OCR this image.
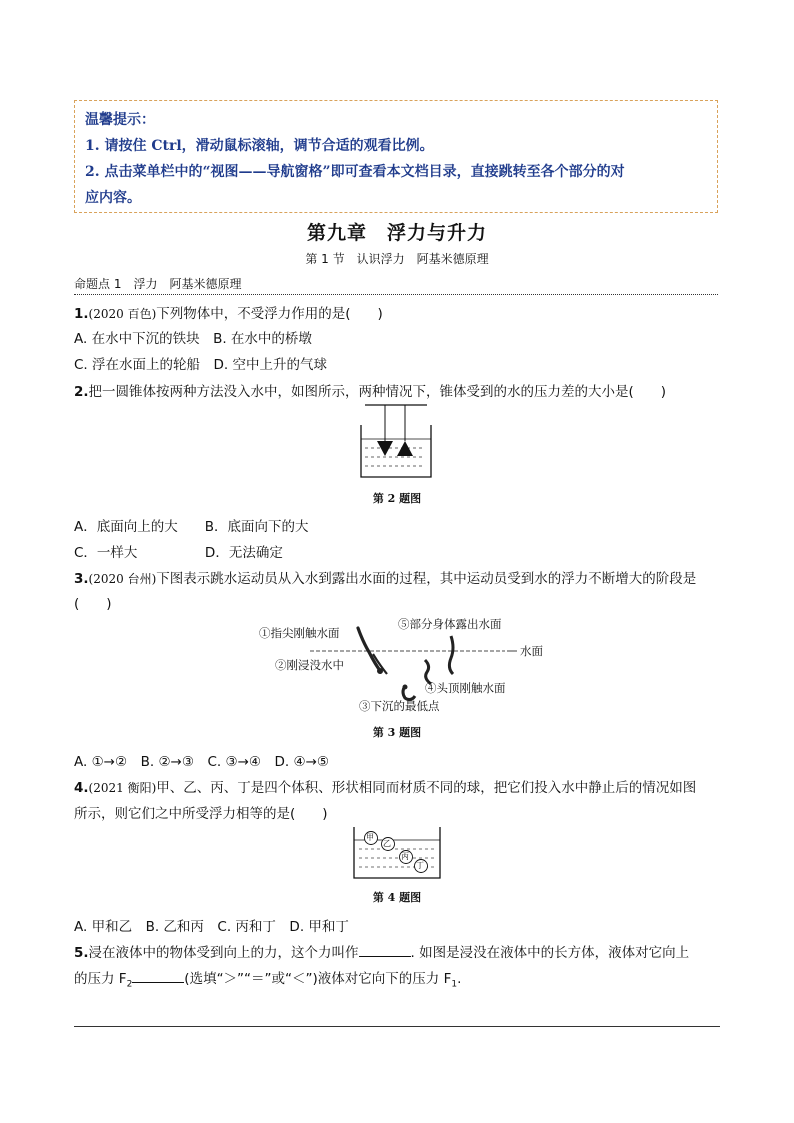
温馨提示：

1. 请按住 Ctrl，滑动鼠标滚轴，调节合适的观看比例。

2. 点击菜单栏中的“视图——导航窗格”即可查看本文档目录，直接跳转至各个部分的对

应内容。

第九章　浮力与升力
第 1 节　认识浮力　阿基米德原理
命题点 1　浮力　阿基米德原理
1.(2020 百色)下列物体中，不受浮力作用的是(　　)
A. 在水中下沉的铁块　B. 在水中的桥墩
C. 浮在水面上的轮船　D. 空中上升的气球
2.把一圆锥体按两种方法没入水中，如图所示，两种情况下，锥体受到的水的压力差的大小是(　　)
第 2 题图
A．底面向上的大　　B．底面向下的大
C．一样大　　　　　D．无法确定
3.(2020 台州)下图表示跳水运动员从入水到露出水面的过程，其中运动员受到水的浮力不断增大的阶段是
(　　)
①指尖刚触水面
⑤部分身体露出水面
②刚浸没水中
④头顶刚触水面
③下沉的最低点
水面
第 3 题图
A. ①→②　B. ②→③　C. ③→④　D. ④→⑤
4.(2021 衡阳)甲、乙、丙、丁是四个体积、形状相同而材质不同的球，把它们投入水中静止后的情况如图
所示，则它们之中所受浮力相等的是(　　)
甲
乙
丙
丁
第 4 题图
A. 甲和乙　B. 乙和丙　C. 丙和丁　D. 甲和丁
5.浸在液体中的物体受到向上的力，这个力叫作	. 如图是浸没在液体中的长方体，液体对它向上
的压力 $F_2$	(选填“＞”“＝”或“＜”)液体对它向下的压力 $F_1$.
